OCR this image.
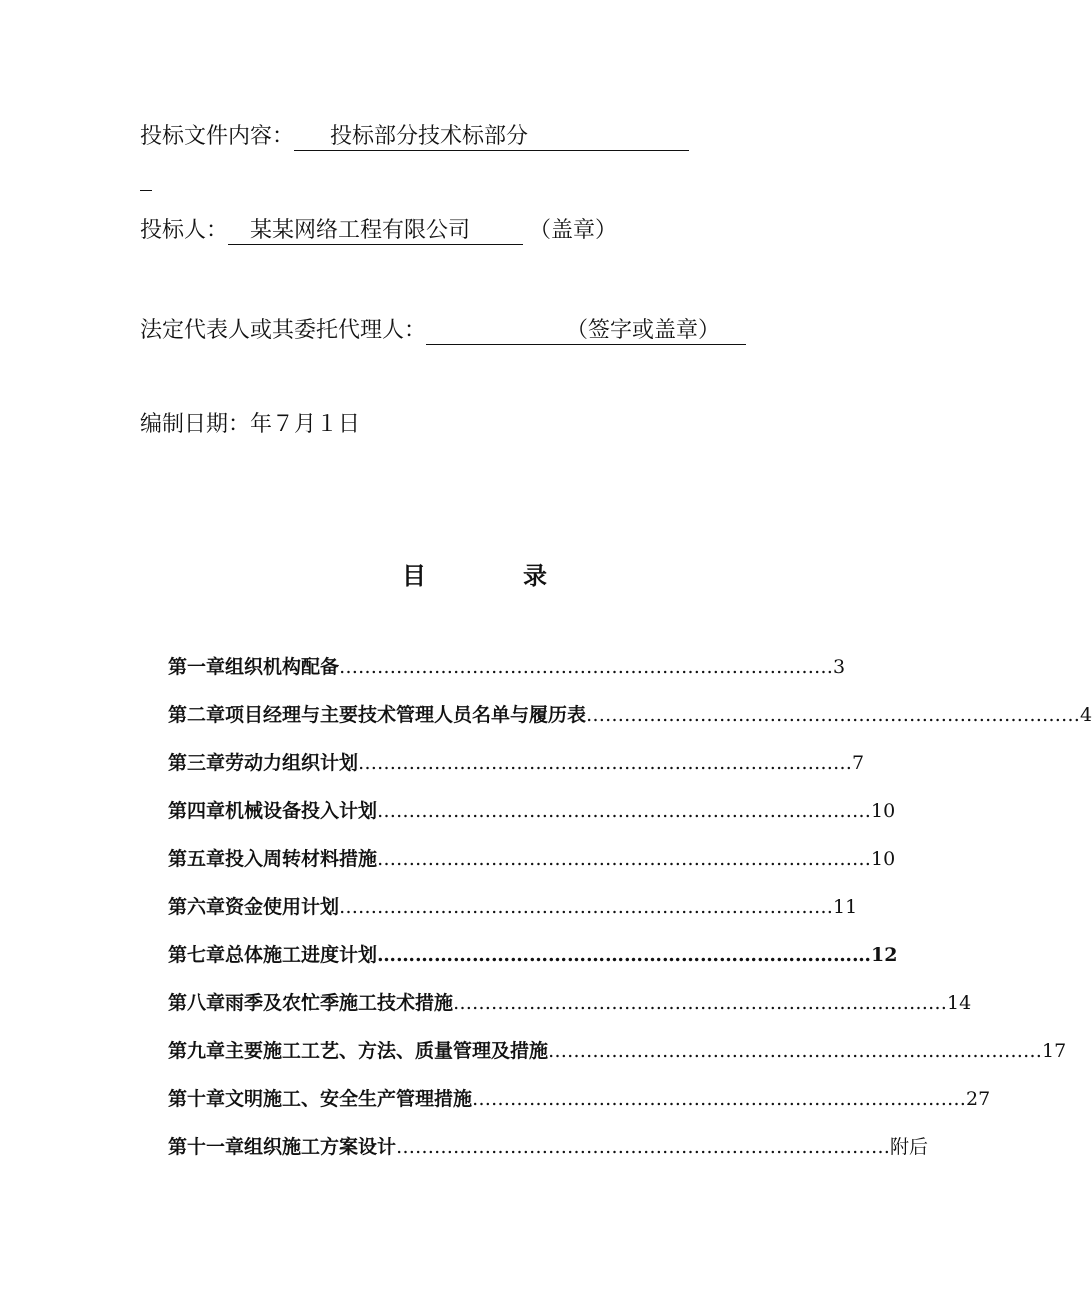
投标文件内容： 投标部分技术标部分
投标人： 某某网络工程有限公司	（盖章）
法定代表人或其委托代理人：	（签字或盖章）
编制日期：年７月１日
目	录
第一章 组织机构配备 …………………………………………………………………… 3
第二章 项目经理与主要技术管理人员名单与履历表 …………………………………………………………………… 4
第三章 劳动力组织计划 …………………………………………………………………… 7
第四章 机械设备投入计划 …………………………………………………………………… 10
第五章 投入周转材料措施 …………………………………………………………………… 10
第六章 资金使用计划 …………………………………………………………………… 11
第七章 总体施工进度计划 …………………………………………………………………… 12
第八章 雨季及农忙季施工技术措施 …………………………………………………………………… 14
第九章 主要施工工艺、方法、质量管理及措施 …………………………………………………………………… 17
第十章 文明施工、安全生产管理措施 …………………………………………………………………… 27
第十一章 组织施工方案设计 …………………………………………………………………… 附后
